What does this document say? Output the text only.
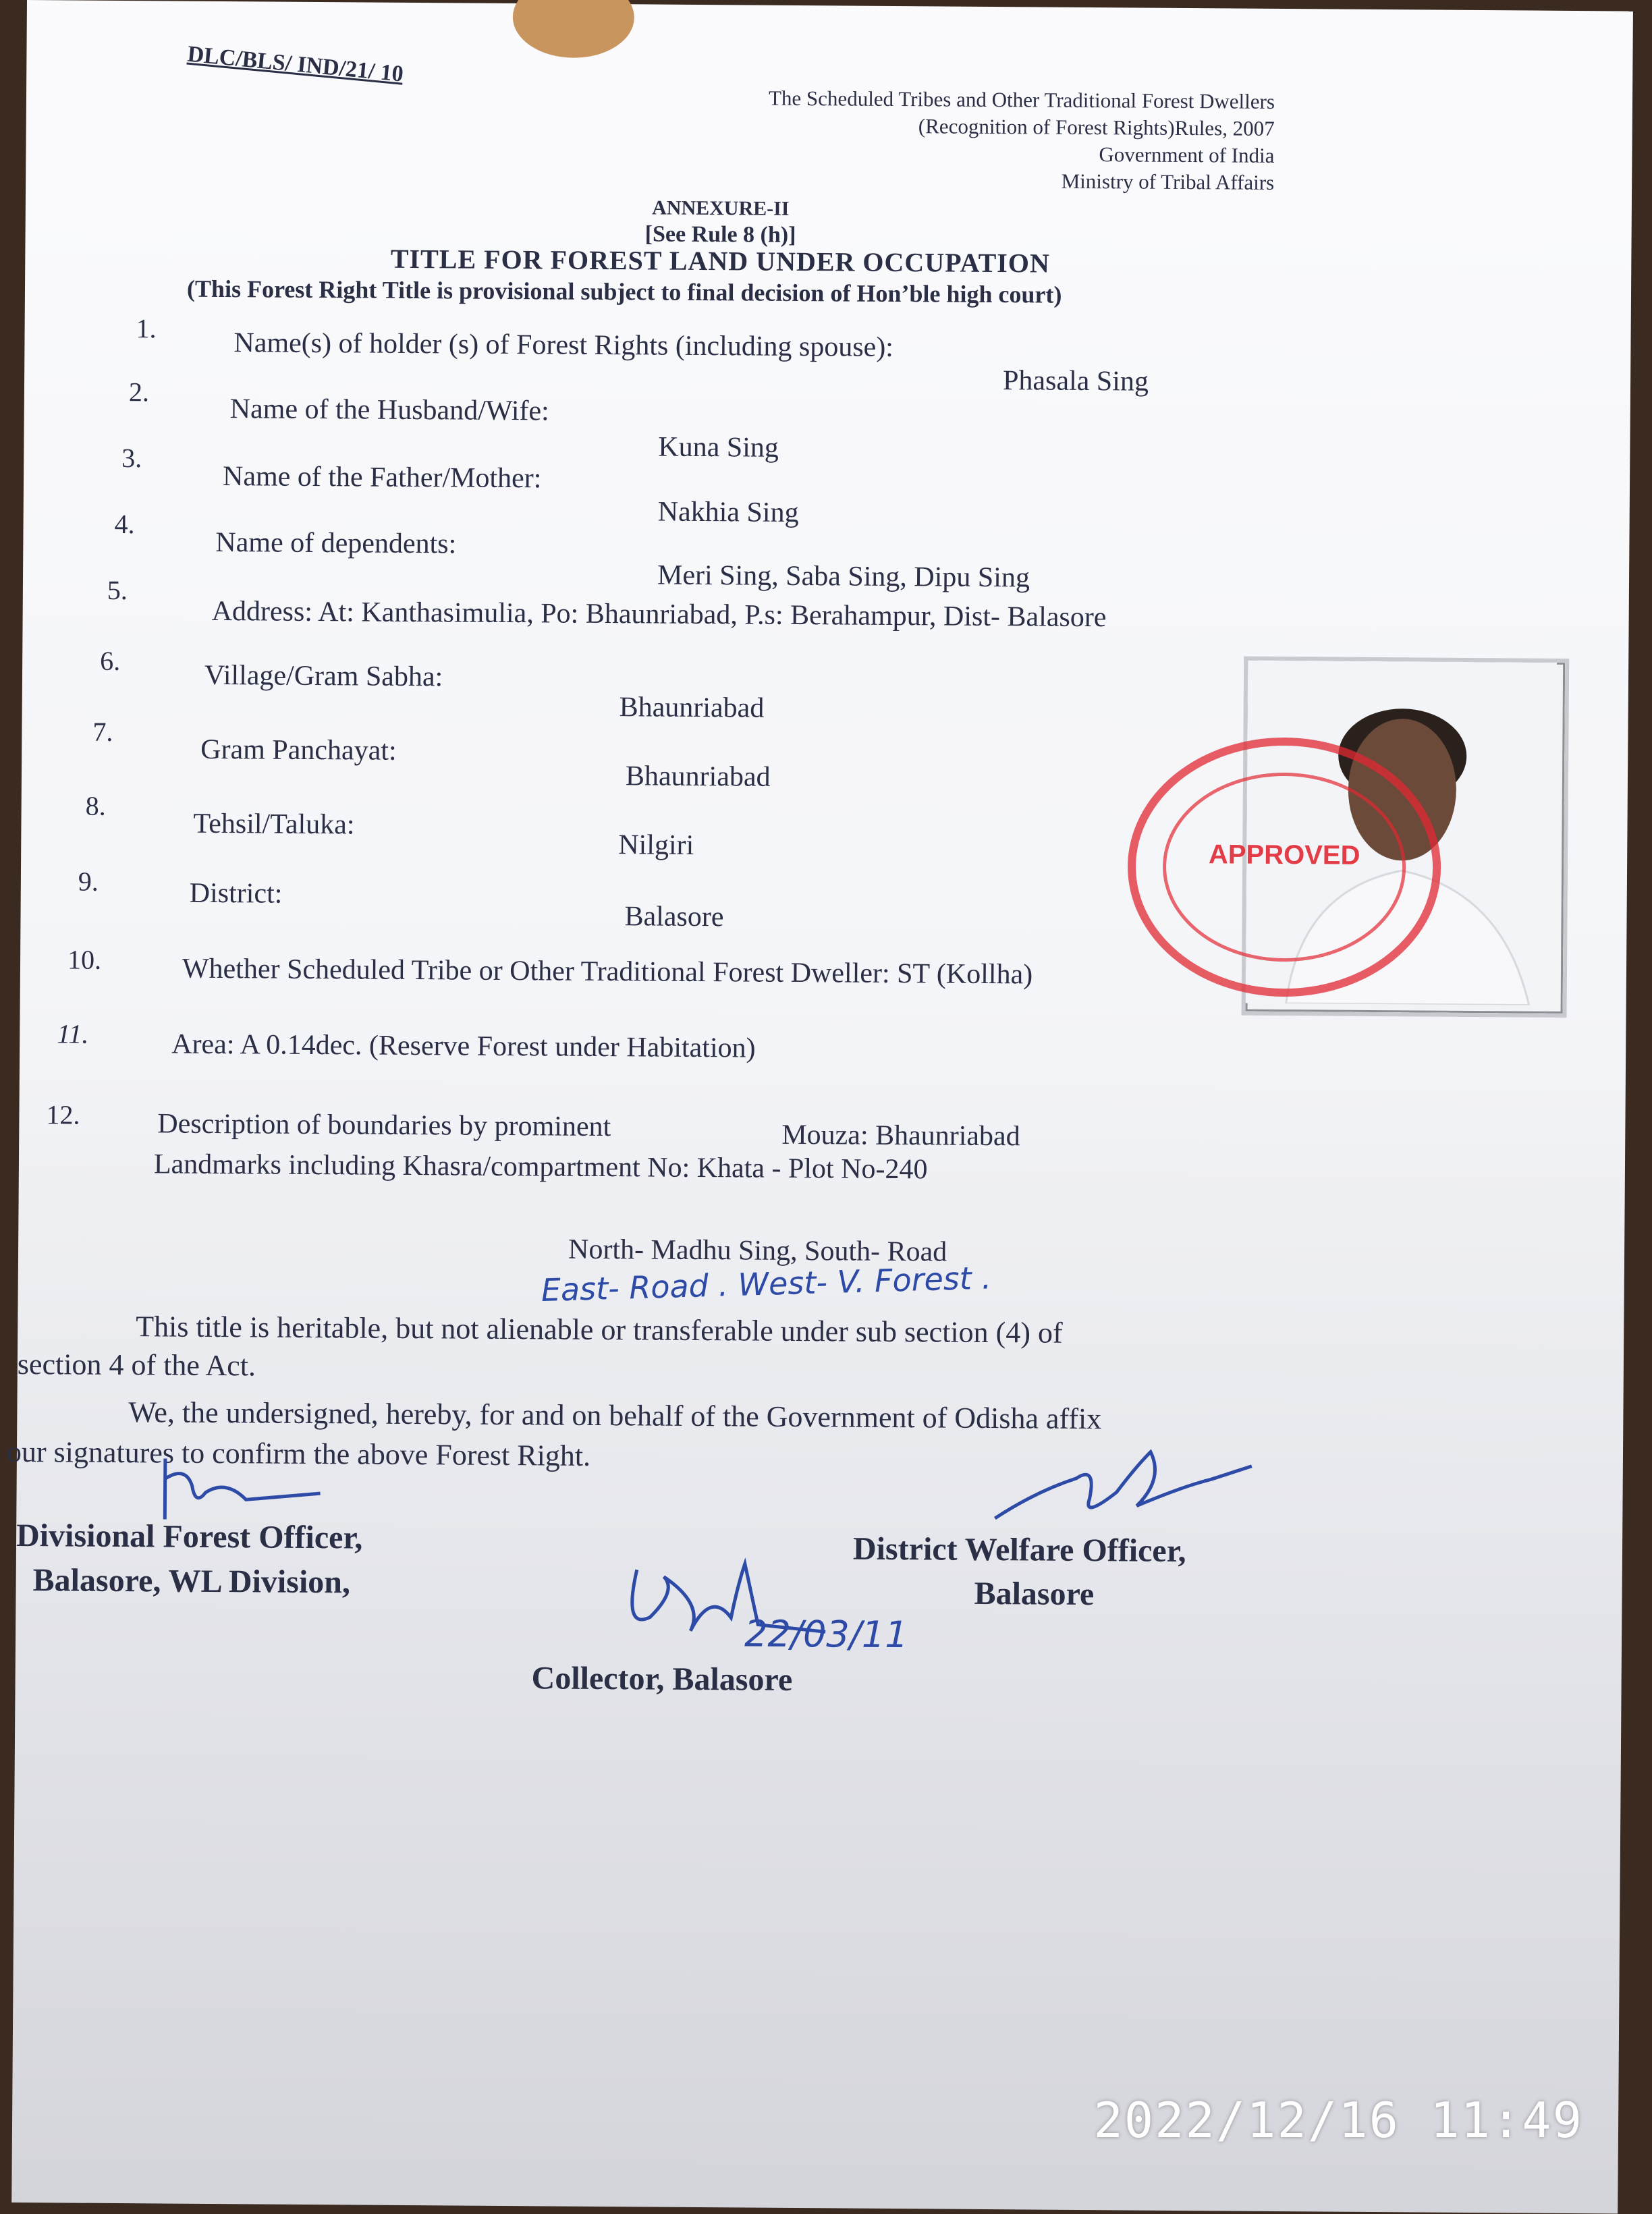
DLC/BLS/ IND/21/ 10
The Scheduled Tribes and Other Traditional Forest Dwellers
(Recognition of Forest Rights)Rules, 2007
Government of India
Ministry of Tribal Affairs
ANNEXURE-II
[See Rule 8 (h)]
TITLE FOR FOREST LAND UNDER OCCUPATION
(This Forest Right Title is provisional subject to final decision of Hon’ble high court)
1.	Name(s) of holder (s) of Forest Rights (including spouse):
Phasala Sing
2.
Name of the Husband/Wife:
Kuna Sing
3.
Name of the Father/Mother:
Nakhia Sing
4.
Name of dependents:
Meri Sing, Saba Sing, Dipu Sing
5.
Address: At: Kanthasimulia, Po: Bhaunriabad, P.s: Berahampur, Dist- Balasore
6.	Village/Gram Sabha:
Bhaunriabad
7.
Gram Panchayat:
Bhaunriabad
8.
Tehsil/Taluka:
Nilgiri
9.	District:
Balasore
10.	Whether Scheduled Tribe or Other Traditional Forest Dweller: ST (Kollha)
11.	Area: A 0.14dec. (Reserve Forest under Habitation)
12.	Description of boundaries by prominent	Mouza: Bhaunriabad
Landmarks including Khasra/compartment No: Khata - Plot No-240
North- Madhu Sing, South- Road
East- Road . West- V. Forest .
This title is heritable, but not alienable or transferable under sub section (4) of
section 4 of the Act.
We, the undersigned, hereby, for and on behalf of the Government of Odisha affix
our signatures to confirm the above Forest Right.
Divisional Forest Officer,
Balasore, WL Division,
District Welfare Officer,
Balasore
22/03/11
Collector, Balasore
APPROVED
2022/12/16 11:49
